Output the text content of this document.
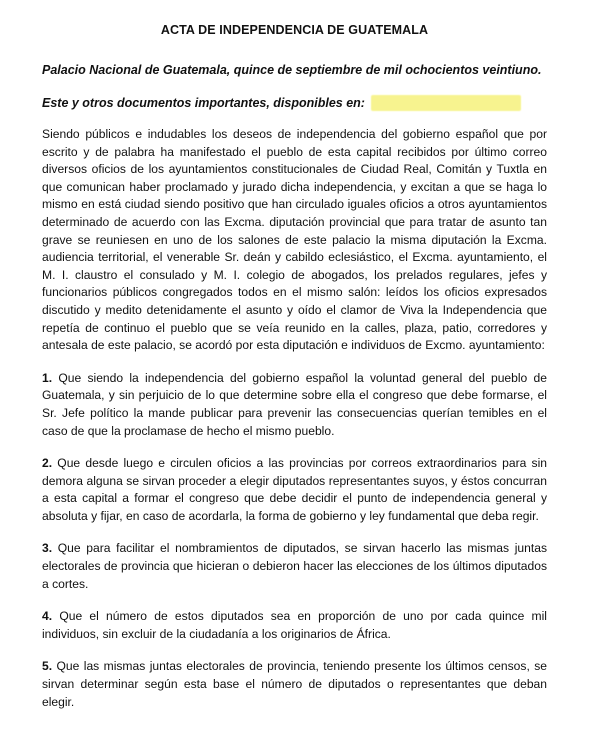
ACTA DE INDEPENDENCIA DE GUATEMALA
Palacio Nacional de Guatemala, quince de septiembre de mil ochocientos veintiuno.
Este y otros documentos importantes, disponibles en:

Siendo públicos e indudables los deseos de independencia del gobierno español que por escrito y de palabra ha manifestado el pueblo de esta capital recibidos por último correo diversos oficios de los ayuntamientos constitucionales de Ciudad Real, Comitán y Tuxtla en que comunican haber proclamado y jurado dicha independencia, y excitan a que se haga lo mismo en está ciudad siendo positivo que han circulado iguales oficios a otros ayuntamientos determinado de acuerdo con las Excma. diputación provincial que para tratar de asunto tan grave se reuniesen en uno de los salones de este palacio la misma diputación la Excma. audiencia territorial, el venerable Sr. deán y cabildo eclesiástico, el Excma. ayuntamiento, el M. I. claustro el consulado y M. I. colegio de abogados, los prelados regulares, jefes y funcionarios públicos congregados todos en el mismo salón: leídos los oficios expresados discutido y medito detenidamente el asunto y oído el clamor de Viva la Independencia que repetía de continuo el pueblo que se veía reunido en la calles, plaza, patio, corredores y antesala de este palacio, se acordó por esta diputación e individuos de Excmo. ayuntamiento:

1. Que siendo la independencia del gobierno español la voluntad general del pueblo de Guatemala, y sin perjuicio de lo que determine sobre ella el congreso que debe formarse, el Sr. Jefe político la mande publicar para prevenir las consecuencias querían temibles en el caso de que la proclamase de hecho el mismo pueblo.

2. Que desde luego e circulen oficios a las provincias por correos extraordinarios para sin demora alguna se sirvan proceder a elegir diputados representantes suyos, y éstos concurran a esta capital a formar el congreso que debe decidir el punto de independencia general y absoluta y fijar, en caso de acordarla, la forma de gobierno y ley fundamental que deba regir.

3. Que para facilitar el nombramientos de diputados, se sirvan hacerlo las mismas juntas electorales de provincia que hicieran o debieron hacer las elecciones de los últimos diputados a cortes.

4. Que el número de estos diputados sea en proporción de uno por cada quince mil individuos, sin excluir de la ciudadanía a los originarios de África.

5. Que las mismas juntas electorales de provincia, teniendo presente los últimos censos, se sirvan determinar según esta base el número de diputados o representantes que deban elegir.
